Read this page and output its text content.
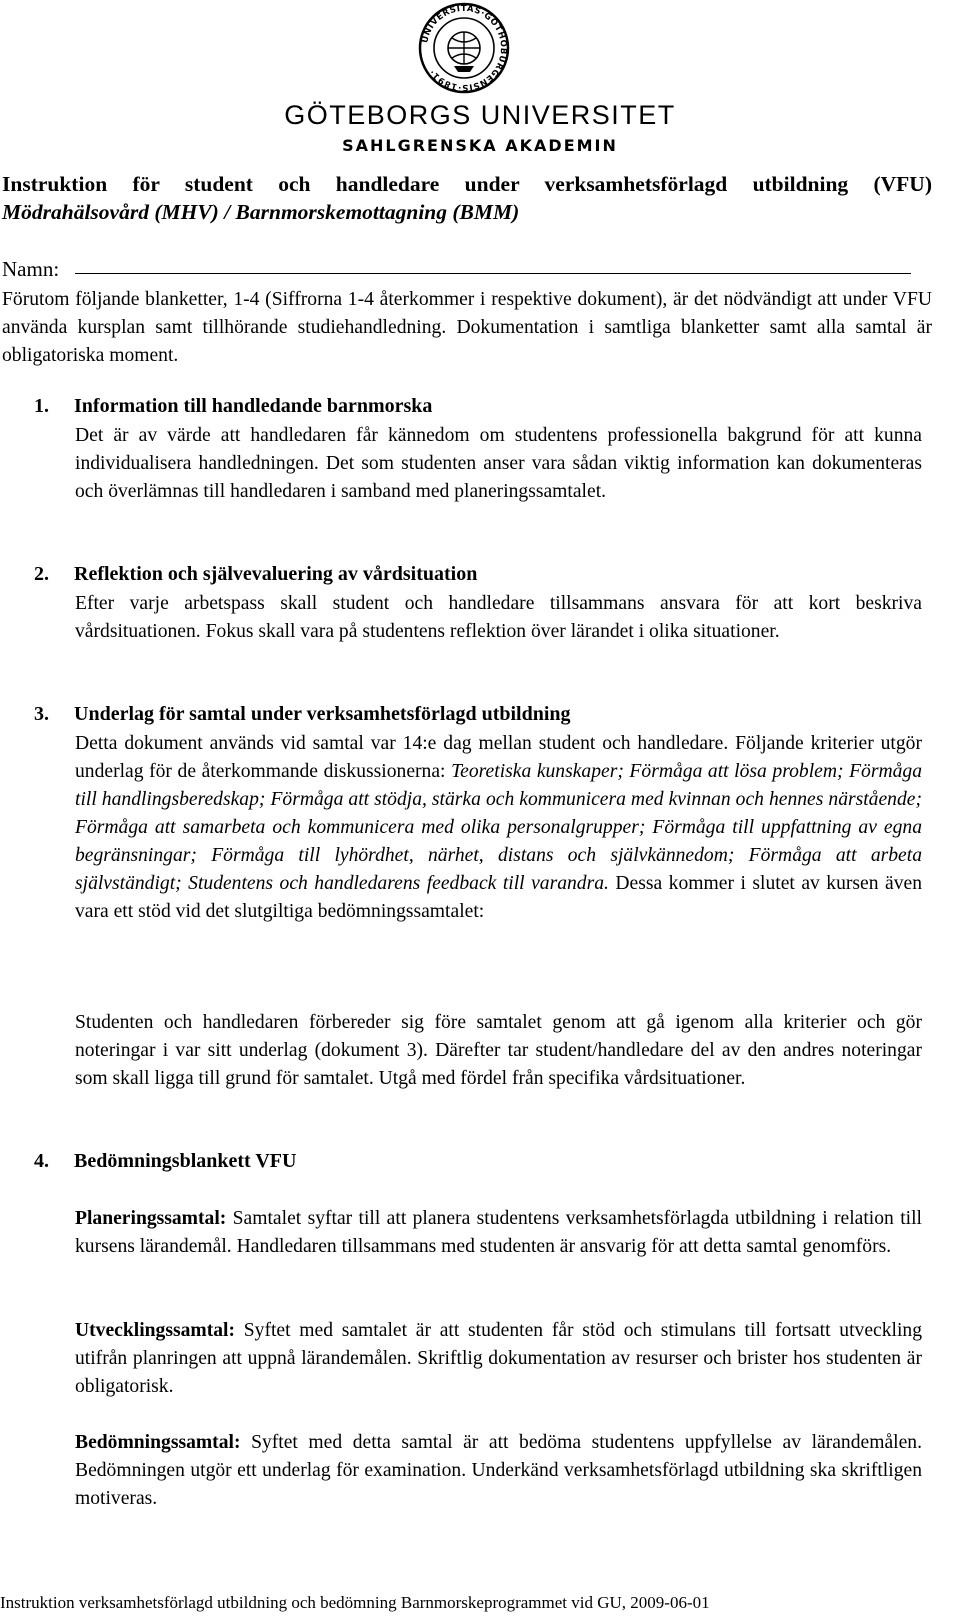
UNIVERSITAS·GOTHOBURGENSIS·1891·
GÖTEBORGS UNIVERSITET
SAHLGRENSKA AKADEMIN
Instruktion för student och handledare under verksamhetsförlagd utbildning (VFU)
Mödrahälsovård (MHV) / Barnmorskemottagning (BMM)
Namn:
Förutom följande blanketter, 1-4 (Siffrorna 1-4 återkommer i respektive dokument), är det nödvändigt att under VFU använda kursplan samt tillhörande studiehandledning. Dokumentation i samtliga blanketter samt alla samtal är obligatoriska moment.
1. Information till handledande barnmorska
Det är av värde att handledaren får kännedom om studentens professionella bakgrund för att kunna individualisera handledningen. Det som studenten anser vara sådan viktig information kan dokumenteras och överlämnas till handledaren i samband med planeringssamtalet.
2. Reflektion och självevaluering av vårdsituation
Efter varje arbetspass skall student och handledare tillsammans ansvara för att kort beskriva vårdsituationen. Fokus skall vara på studentens reflektion över lärandet i olika situationer.
3. Underlag för samtal under verksamhetsförlagd utbildning
Detta dokument används vid samtal var 14:e dag mellan student och handledare. Följande kriterier utgör underlag för de återkommande diskussionerna: Teoretiska kunskaper; Förmåga att lösa problem; Förmåga till handlingsberedskap; Förmåga att stödja, stärka och kommunicera med kvinnan och hennes närstående; Förmåga att samarbeta och kommunicera med olika personalgrupper; Förmåga till uppfattning av egna begränsningar; Förmåga till lyhördhet, närhet, distans och självkännedom; Förmåga att arbeta självständigt; Studentens och handledarens feedback till varandra. Dessa kommer i slutet av kursen även vara ett stöd vid det slutgiltiga bedömningssamtalet:
Studenten och handledaren förbereder sig före samtalet genom att gå igenom alla kriterier och gör noteringar i var sitt underlag (dokument 3). Därefter tar student/handledare del av den andres noteringar som skall ligga till grund för samtalet. Utgå med fördel från specifika vårdsituationer.
4. Bedömningsblankett VFU
Planeringssamtal: Samtalet syftar till att planera studentens verksamhetsförlagda utbildning i relation till kursens lärandemål. Handledaren tillsammans med studenten är ansvarig för att detta samtal genomförs.
Utvecklingssamtal: Syftet med samtalet är att studenten får stöd och stimulans till fortsatt utveckling utifrån planringen att uppnå lärandemålen. Skriftlig dokumentation av resurser och brister hos studenten är obligatorisk.
Bedömningssamtal: Syftet med detta samtal är att bedöma studentens uppfyllelse av lärandemålen. Bedömningen utgör ett underlag för examination. Underkänd verksamhetsförlagd utbildning ska skriftligen motiveras.
Instruktion verksamhetsförlagd utbildning och bedömning Barnmorskeprogrammet vid GU, 2009-06-01
